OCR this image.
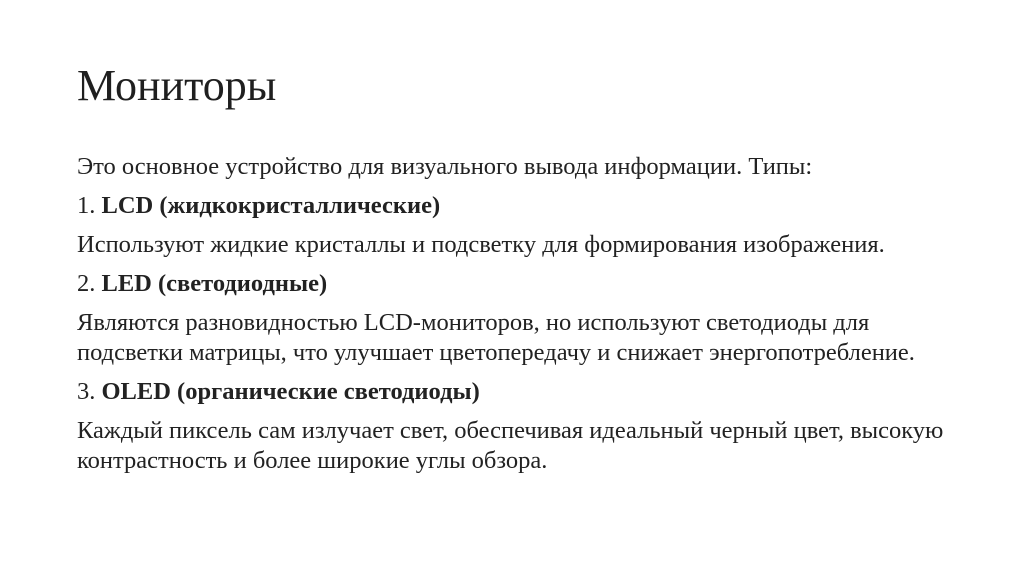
Мониторы

Это основное устройство для визуального вывода информации. Типы:

1. LCD (жидкокристаллические)

Используют жидкие кристаллы и подсветку для формирования изображения.

2. LED (светодиодные)

Являются разновидностью LCD-мониторов, но используют светодиоды для подсветки матрицы, что улучшает цветопередачу и снижает энергопотребление.

3. OLED (органические светодиоды)

Каждый пиксель сам излучает свет, обеспечивая идеальный черный цвет, высокую контрастность и более широкие углы обзора.
